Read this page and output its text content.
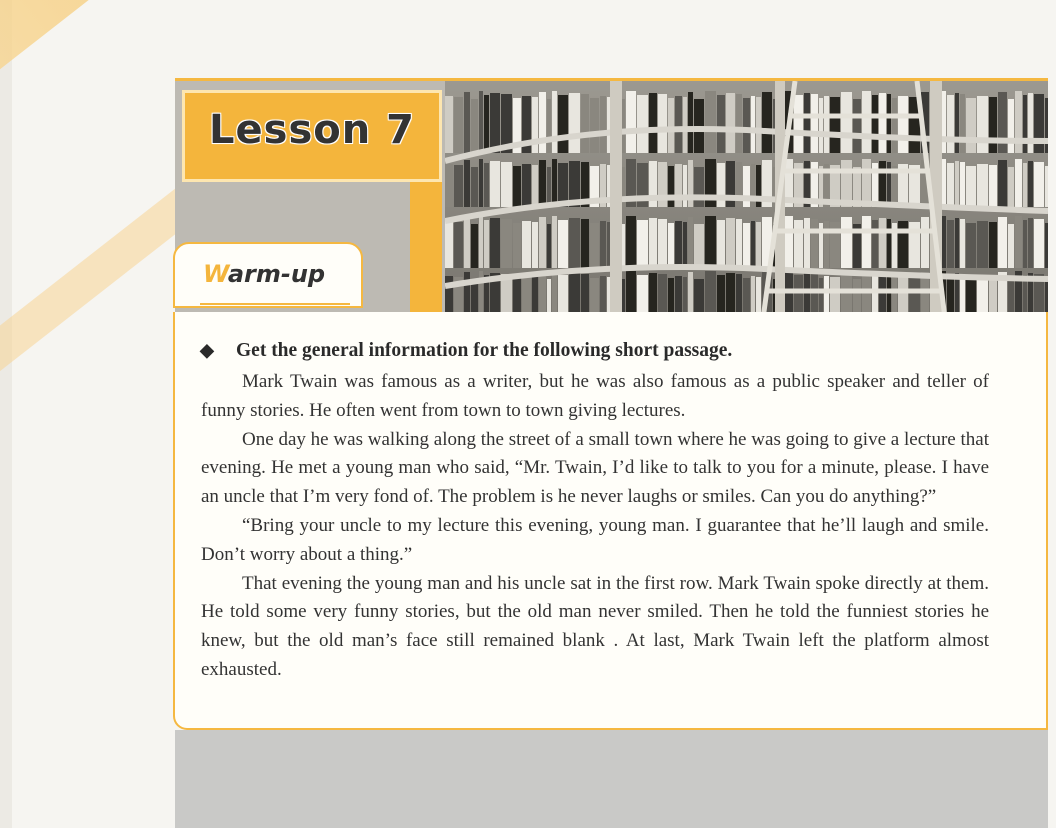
Lesson 7
Warm-up
◆ Get the general information for the following short passage.

Mark Twain was famous as a writer, but he was also famous as a public speaker and teller of funny stories. He often went from town to town giving lectures.

One day he was walking along the street of a small town where he was going to give a lecture that evening. He met a young man who said, “Mr. Twain, I’d like to talk to you for a minute, please. I have an uncle that I’m very fond of. The problem is he never laughs or smiles. Can you do anything?”

“Bring your uncle to my lecture this evening, young man. I guarantee that he’ll laugh and smile. Don’t worry about a thing.”

That evening the young man and his uncle sat in the first row. Mark Twain spoke directly at them. He told some very funny stories, but the old man never smiled. Then he told the funniest stories he knew, but the old man’s face still remained blank . At last, Mark Twain left the platform almost exhausted.
